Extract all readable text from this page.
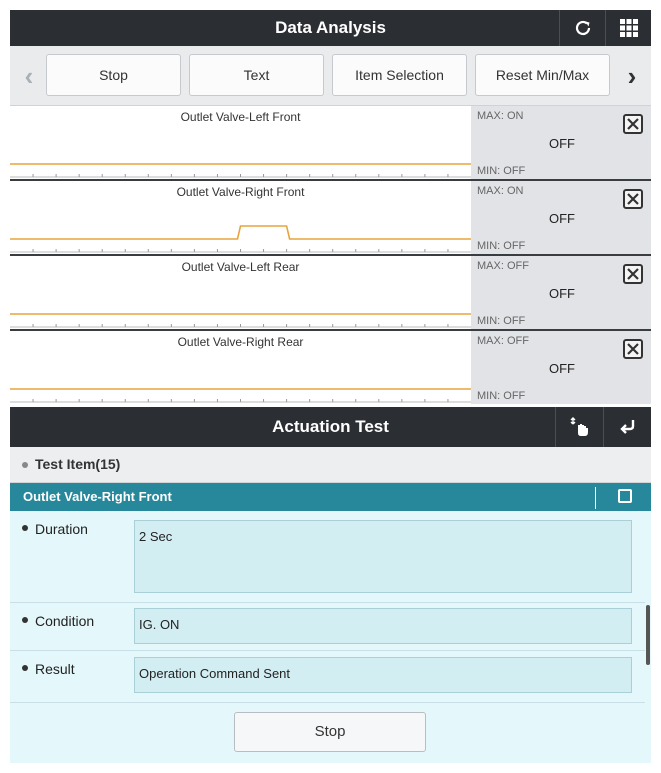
Data Analysis
‹	Stop	Text	Item Selection	Reset Min/Max	›
Outlet Valve-Left Front	MAX: ON
OFF
MIN: OFF
Outlet Valve-Right Front	MAX: ON
OFF
MIN: OFF
Outlet Valve-Left Rear	MAX: OFF
OFF
MIN: OFF
Outlet Valve-Right Rear	MAX: OFF
OFF
MIN: OFF
Actuation Test
Test Item(15)
Outlet Valve-Right Front
Duration	2 Sec
Condition	IG. ON
Result	Operation Command Sent
Stop
